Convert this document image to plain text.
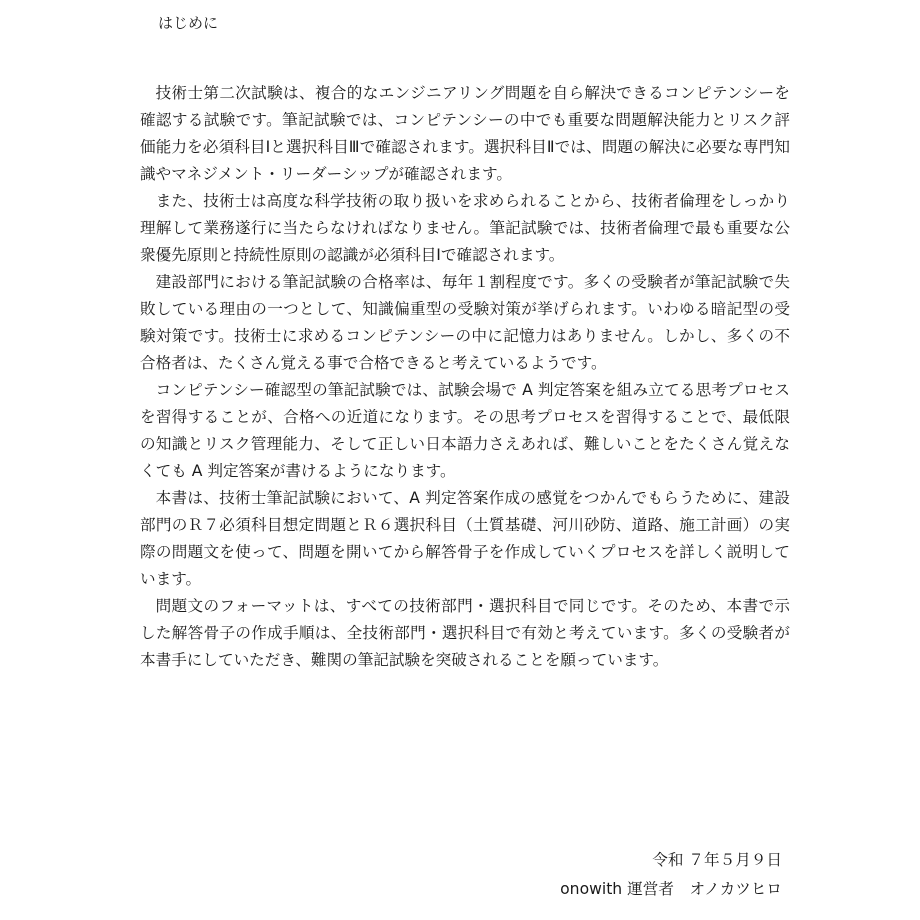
はじめに

技術士第二次試験は、複合的なエンジニアリング問題を自ら解決できるコンピテンシーを確認する試験です。筆記試験では、コンピテンシーの中でも重要な問題解決能力とリスク評価能力を必須科目Ⅰと選択科目Ⅲで確認されます。選択科目Ⅱでは、問題の解決に必要な専門知識やマネジメント・リーダーシップが確認されます。

また、技術士は高度な科学技術の取り扱いを求められることから、技術者倫理をしっかり理解して業務遂行に当たらなければなりません。筆記試験では、技術者倫理で最も重要な公衆優先原則と持続性原則の認識が必須科目Ⅰで確認されます。

建設部門における筆記試験の合格率は、毎年１割程度です。多くの受験者が筆記試験で失敗している理由の一つとして、知識偏重型の受験対策が挙げられます。いわゆる暗記型の受験対策です。技術士に求めるコンピテンシーの中に記憶力はありません。しかし、多くの不合格者は、たくさん覚える事で合格できると考えているようです。

コンピテンシー確認型の筆記試験では、試験会場で A 判定答案を組み立てる思考プロセスを習得することが、合格への近道になります。その思考プロセスを習得することで、最低限の知識とリスク管理能力、そして正しい日本語力さえあれば、難しいことをたくさん覚えなくても A 判定答案が書けるようになります。

本書は、技術士筆記試験において、A 判定答案作成の感覚をつかんでもらうために、建設部門のＲ７必須科目想定問題とＲ６選択科目（土質基礎、河川砂防、道路、施工計画）の実際の問題文を使って、問題を開いてから解答骨子を作成していくプロセスを詳しく説明しています。

問題文のフォーマットは、すべての技術部門・選択科目で同じです。そのため、本書で示した解答骨子の作成手順は、全技術部門・選択科目で有効と考えています。多くの受験者が本書手にしていただき、難関の筆記試験を突破されることを願っています。

令和 ７年５月９日
onowith 運営者　オノカツヒロ
